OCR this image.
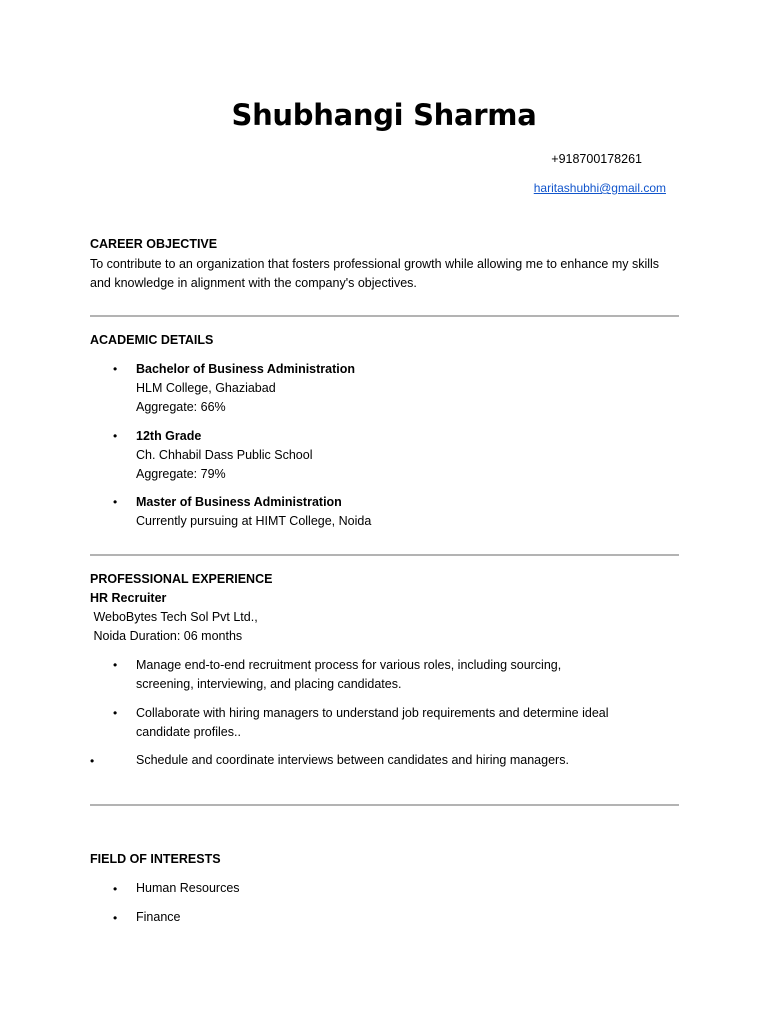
Shubhangi Sharma
+918700178261
haritashubhi@gmail.com
CAREER OBJECTIVE
To contribute to an organization that fosters professional growth while allowing me to enhance my skills
and knowledge in alignment with the company's objectives.
ACADEMIC DETAILS
• Bachelor of Business Administration
HLM College, Ghaziabad
Aggregate: 66%
• 12th Grade
Ch. Chhabil Dass Public School
Aggregate: 79%
• Master of Business Administration
Currently pursuing at HIMT College, Noida
PROFESSIONAL EXPERIENCE
HR Recruiter
WeboBytes Tech Sol Pvt Ltd.,
Noida Duration: 06 months
• Manage end-to-end recruitment process for various roles, including sourcing,
screening, interviewing, and placing candidates.
• Collaborate with hiring managers to understand job requirements and determine ideal
candidate profiles..
•	Schedule and coordinate interviews between candidates and hiring managers.
FIELD OF INTERESTS
• Human Resources
• Finance
